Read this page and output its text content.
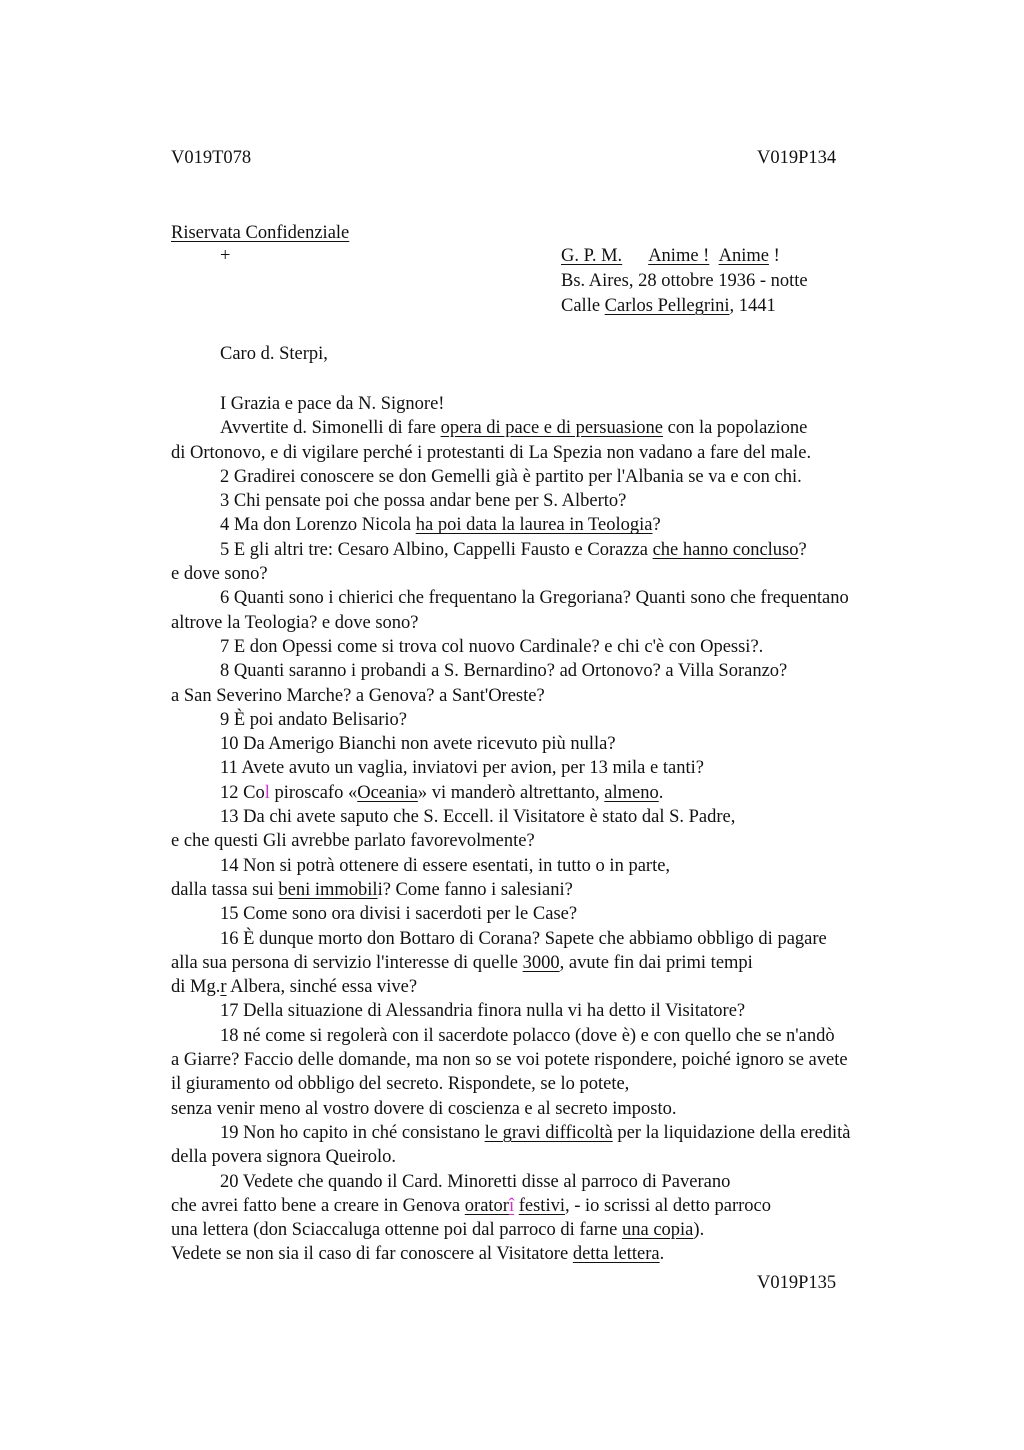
V019T078	V019P134
Riservata Confidenziale
+	G. P. M. Anime ! Anime !
Bs. Aires, 28 ottobre 1936 - notte
Calle Carlos Pellegrini, 1441
Caro d. Sterpi,
I Grazia e pace da N. Signore!
Avvertite d. Simonelli di fare opera di pace e di persuasione con la popolazione
di Ortonovo, e di vigilare perché i protestanti di La Spezia non vadano a fare del male.
2 Gradirei conoscere se don Gemelli già è partito per l'Albania se va e con chi.
3 Chi pensate poi che possa andar bene per S. Alberto?
4 Ma don Lorenzo Nicola ha poi data la laurea in Teologia?
5 E gli altri tre: Cesaro Albino, Cappelli Fausto e Corazza che hanno concluso?
e dove sono?
6 Quanti sono i chierici che frequentano la Gregoriana? Quanti sono che frequentano
altrove la Teologia? e dove sono?
7 E don Opessi come si trova col nuovo Cardinale? e chi c'è con Opessi?.
8 Quanti saranno i probandi a S. Bernardino? ad Ortonovo? a Villa Soranzo?
a San Severino Marche? a Genova? a Sant'Oreste?
9 È poi andato Belisario?
10 Da Amerigo Bianchi non avete ricevuto più nulla?
11 Avete avuto un vaglia, inviatovi per avion, per 13 mila e tanti?
12 Col piroscafo «Oceania» vi manderò altrettanto, almeno.
13 Da chi avete saputo che S. Eccell. il Visitatore è stato dal S. Padre,
e che questi Gli avrebbe parlato favorevolmente?
14 Non si potrà ottenere di essere esentati, in tutto o in parte,
dalla tassa sui beni immobili? Come fanno i salesiani?
15 Come sono ora divisi i sacerdoti per le Case?
16 È dunque morto don Bottaro di Corana? Sapete che abbiamo obbligo di pagare
alla sua persona di servizio l'interesse di quelle 3000, avute fin dai primi tempi
di Mg.r Albera, sinché essa vive?
17 Della situazione di Alessandria finora nulla vi ha detto il Visitatore?
18 né come si regolerà con il sacerdote polacco (dove è) e con quello che se n'andò
a Giarre? Faccio delle domande, ma non so se voi potete rispondere, poiché ignoro se avete
il giuramento od obbligo del secreto. Rispondete, se lo potete,
senza venir meno al vostro dovere di coscienza e al secreto imposto.
19 Non ho capito in ché consistano le gravi difficoltà per la liquidazione della eredità
della povera signora Queirolo.
20 Vedete che quando il Card. Minoretti disse al parroco di Paverano
che avrei fatto bene a creare in Genova oratorî festivi, - io scrissi al detto parroco
una lettera (don Sciaccaluga ottenne poi dal parroco di farne una copia).
Vedete se non sia il caso di far conoscere al Visitatore detta lettera.
V019P135
